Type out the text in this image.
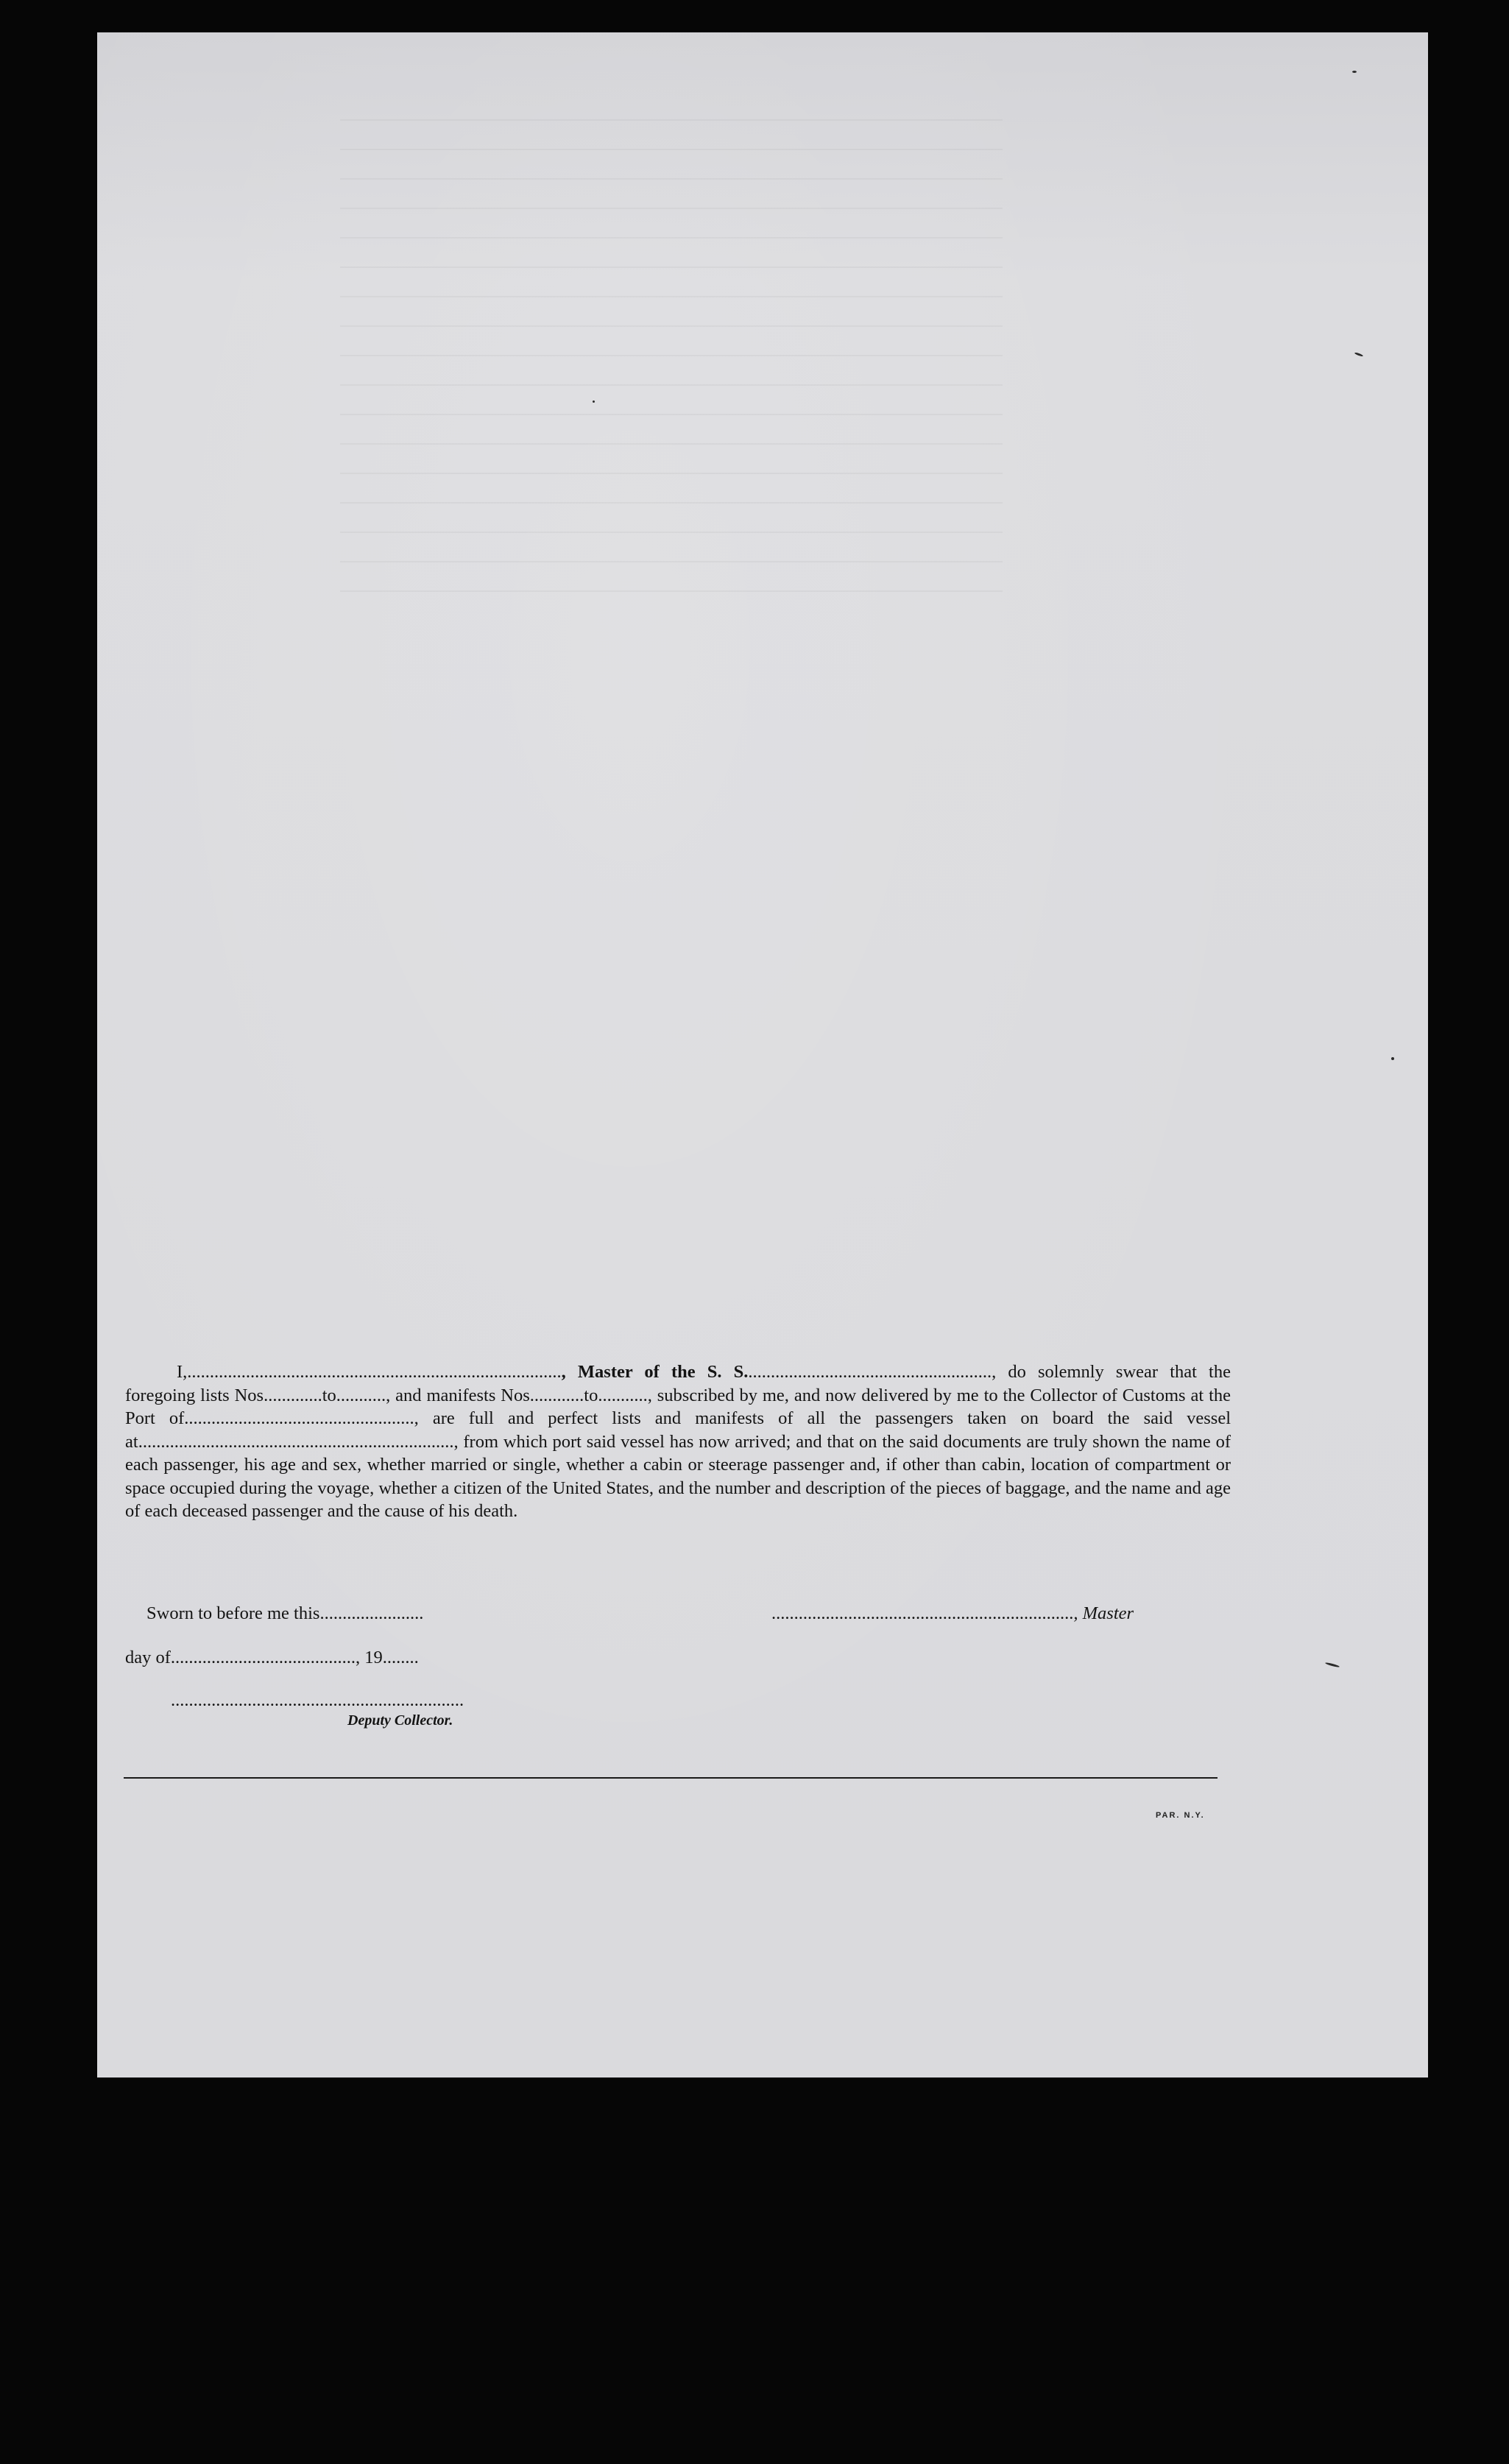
I,..................................................................................., Master of the S. S......................................................., do solemnly swear that the foregoing lists Nos.............to..........., and manifests Nos............to..........., subscribed by me, and now delivered by me to the Collector of Customs at the Port of..................................................., are full and perfect lists and manifests of all the passengers taken on board the said vessel at......................................................................, from which port said vessel has now arrived; and that on the said documents are truly shown the name of each passenger, his age and sex, whether married or single, whether a cabin or steerage passenger and, if other than cabin, location of compartment or space occupied during the voyage, whether a citizen of the United States, and the number and description of the pieces of baggage, and the name and age of each deceased passenger and the cause of his death.

Sworn to before me this.......................	..................................................................., Master
day of........................................., 19........
.................................................................
Deputy Collector.
PAR. N.Y.
